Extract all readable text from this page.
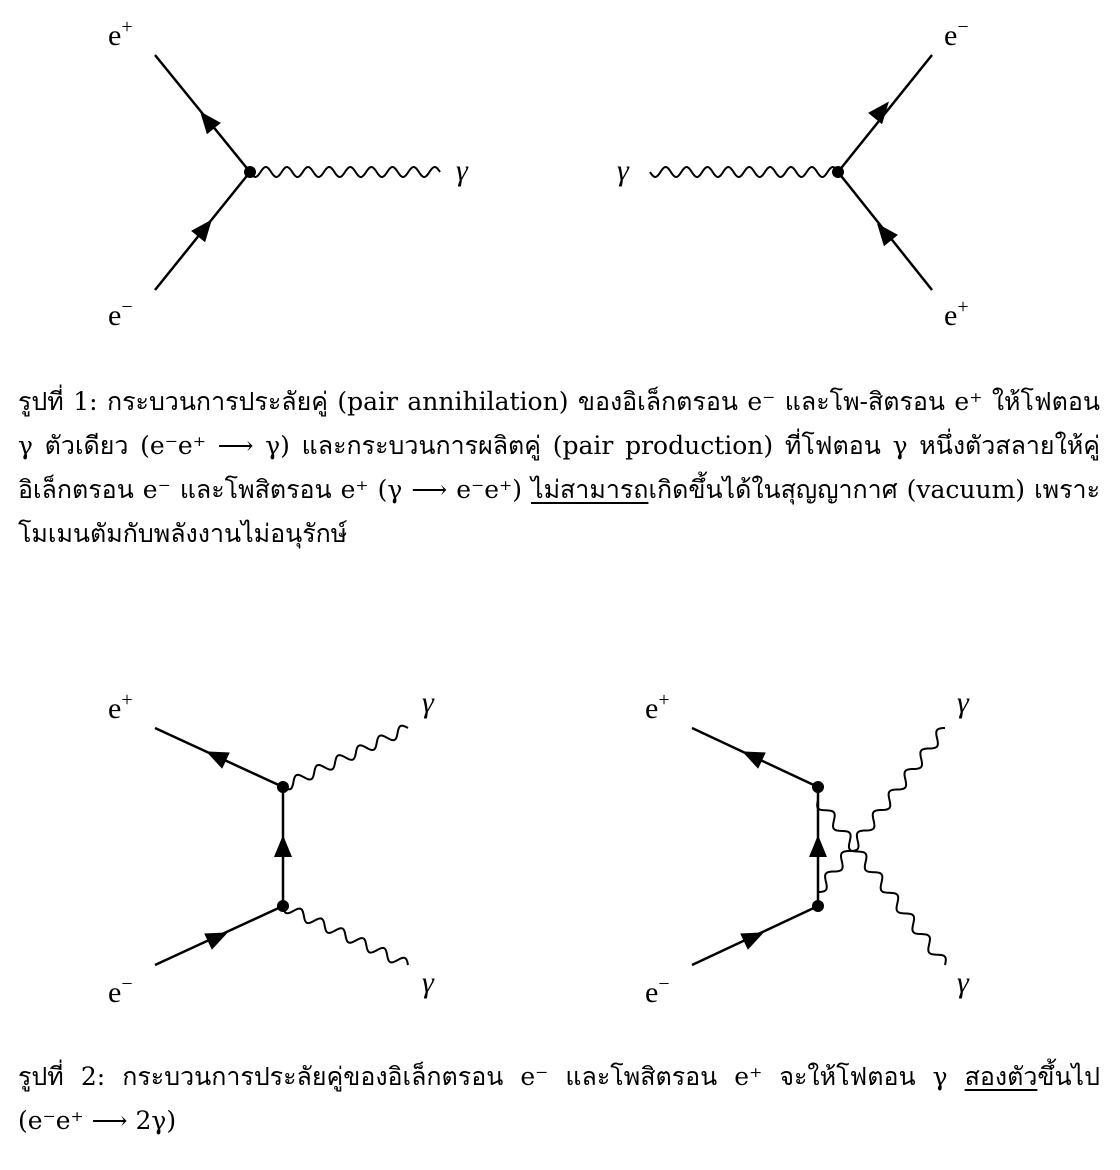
e+
e−
γ	γ
e−
e+
e+
e−
γ
γ
e+
e−
γ
γ
รูปที่ 1: กระบวนการประลัยคู่ (pair annihilation) ของอิเล็กตรอน e⁻ และโพ-สิตรอน e⁺ ให้โฟตอน γ ตัวเดียว (e⁻e⁺ ⟶ γ) และกระบวนการผลิตคู่ (pair production) ที่โฟตอน γ หนึ่งตัวสลายให้คู่อิเล็กตรอน e⁻ และโพสิตรอน e⁺ (γ ⟶ e⁻e⁺) ไม่สามารถเกิดขึ้นได้ในสุญญากาศ (vacuum) เพราะโมเมนตัมกับพลังงานไม่อนุรักษ์
รูปที่ 2: กระบวนการประลัยคู่ของอิเล็กตรอน e⁻ และโพสิตรอน e⁺ จะให้โฟตอน γ สองตัวขึ้นไป (e⁻e⁺ ⟶ 2γ)
